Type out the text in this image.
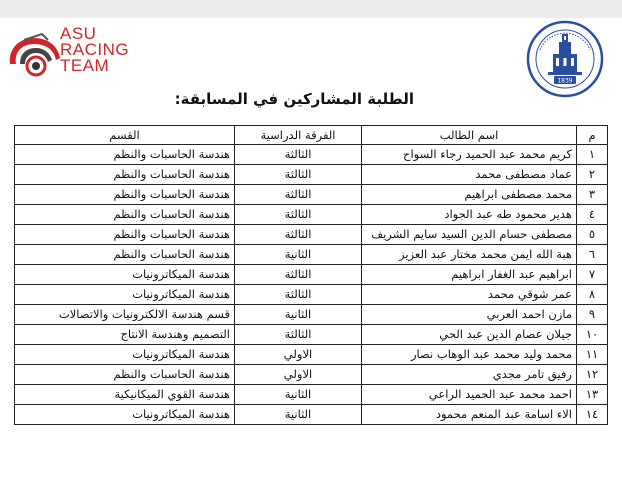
ASU
RACING
TEAM
1839
الطلبة المشاركين في المسابقة:
م	اسم الطالب	الفرقة الدراسية	القسم
١	كريم محمد عبد الحميد رجاء السواح	الثالثة	هندسة الحاسبات والنظم
٢	عماد مصطفى محمد	الثالثة	هندسة الحاسبات والنظم
٣	محمد مصطفى ابراهيم	الثالثة	هندسة الحاسبات والنظم
٤	هدير محمود طه عبد الجواد	الثالثة	هندسة الحاسبات والنظم
٥	مصطفى حسام الدين السيد سايم الشريف	الثالثة	هندسة الحاسبات والنظم
٦	هبة الله ايمن محمد مختار عبد العزيز	الثانية	هندسة الحاسبات والنظم
٧	ابراهيم عبد الغفار ابراهيم	الثالثة	هندسة الميكاترونيات
٨	عمر شوقي محمد	الثالثة	هندسة الميكاترونيات
٩	مازن احمد العربي	الثانية	قسم هندسة الالكترونيات والاتصالات
١٠	جيلان عصام الدين عبد الحي	الثالثة	التصميم وهندسة الانتاج
١١	محمد وليد محمد عبد الوهاب نصار	الاولي	هندسة الميكاترونيات
١٢	رفيق تامر مجدي	الاولي	هندسة الحاسبات والنظم
١٣	احمد محمد عبد الحميد الراعي	الثانية	هندسة القوي الميكانيكية
١٤	الاء اسامة عبد المنعم محمود	الثانية	هندسة الميكاترونيات
